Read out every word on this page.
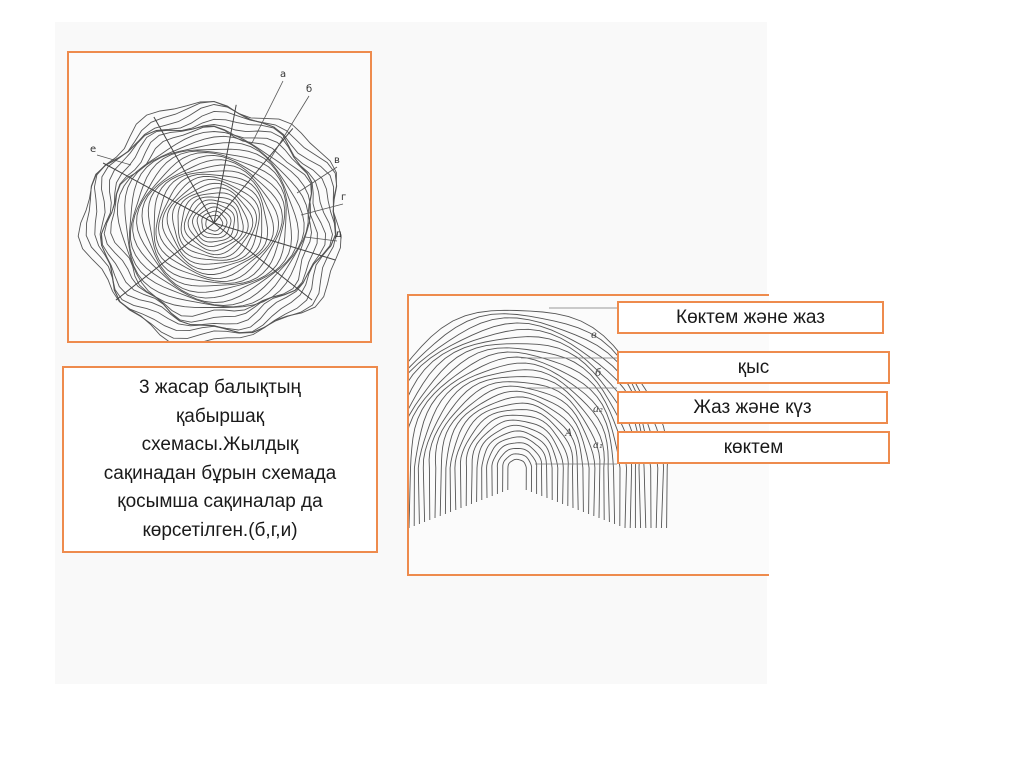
а
б
в
г
д
е

3 жасар балықтың
қабыршақ
схемасы.Жылдық
сақинадан бұрын схемада
қосымша сақиналар да
көрсетілген.(б,г,и)

в
б
а₂
А
а₁
Көктем және жаз
қыс
Жаз және күз
көктем
